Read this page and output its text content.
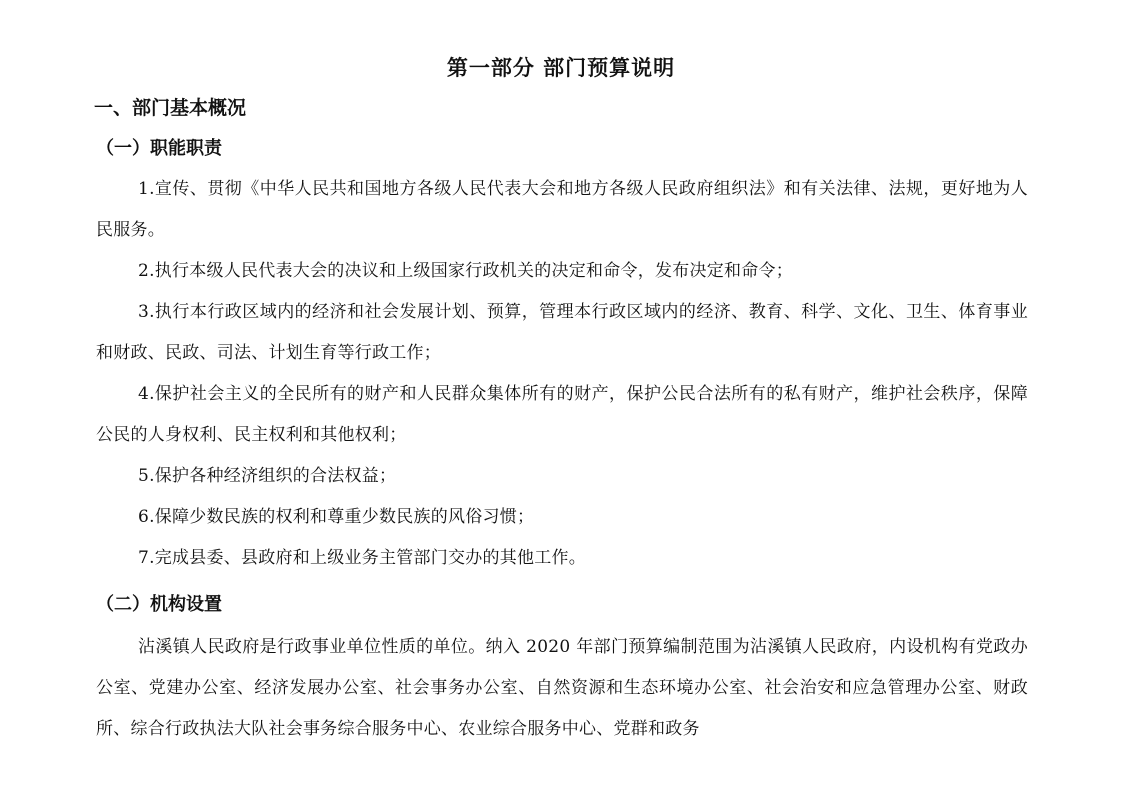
第一部分 部门预算说明
一、部门基本概况
（一）职能职责
1.宣传、贯彻《中华人民共和国地方各级人民代表大会和地方各级人民政府组织法》和有关法律、法规，更好地为人民服务。
2.执行本级人民代表大会的决议和上级国家行政机关的决定和命令，发布决定和命令；
3.执行本行政区域内的经济和社会发展计划、预算，管理本行政区域内的经济、教育、科学、文化、卫生、体育事业和财政、民政、司法、计划生育等行政工作；
4.保护社会主义的全民所有的财产和人民群众集体所有的财产，保护公民合法所有的私有财产，维护社会秩序，保障公民的人身权利、民主权利和其他权利；
5.保护各种经济组织的合法权益；
6.保障少数民族的权利和尊重少数民族的风俗习惯；
7.完成县委、县政府和上级业务主管部门交办的其他工作。
（二）机构设置
沾溪镇人民政府是行政事业单位性质的单位。纳入 2020 年部门预算编制范围为沾溪镇人民政府，内设机构有党政办公室、党建办公室、经济发展办公室、社会事务办公室、自然资源和生态环境办公室、社会治安和应急管理办公室、财政所、综合行政执法大队社会事务综合服务中心、农业综合服务中心、党群和政务
